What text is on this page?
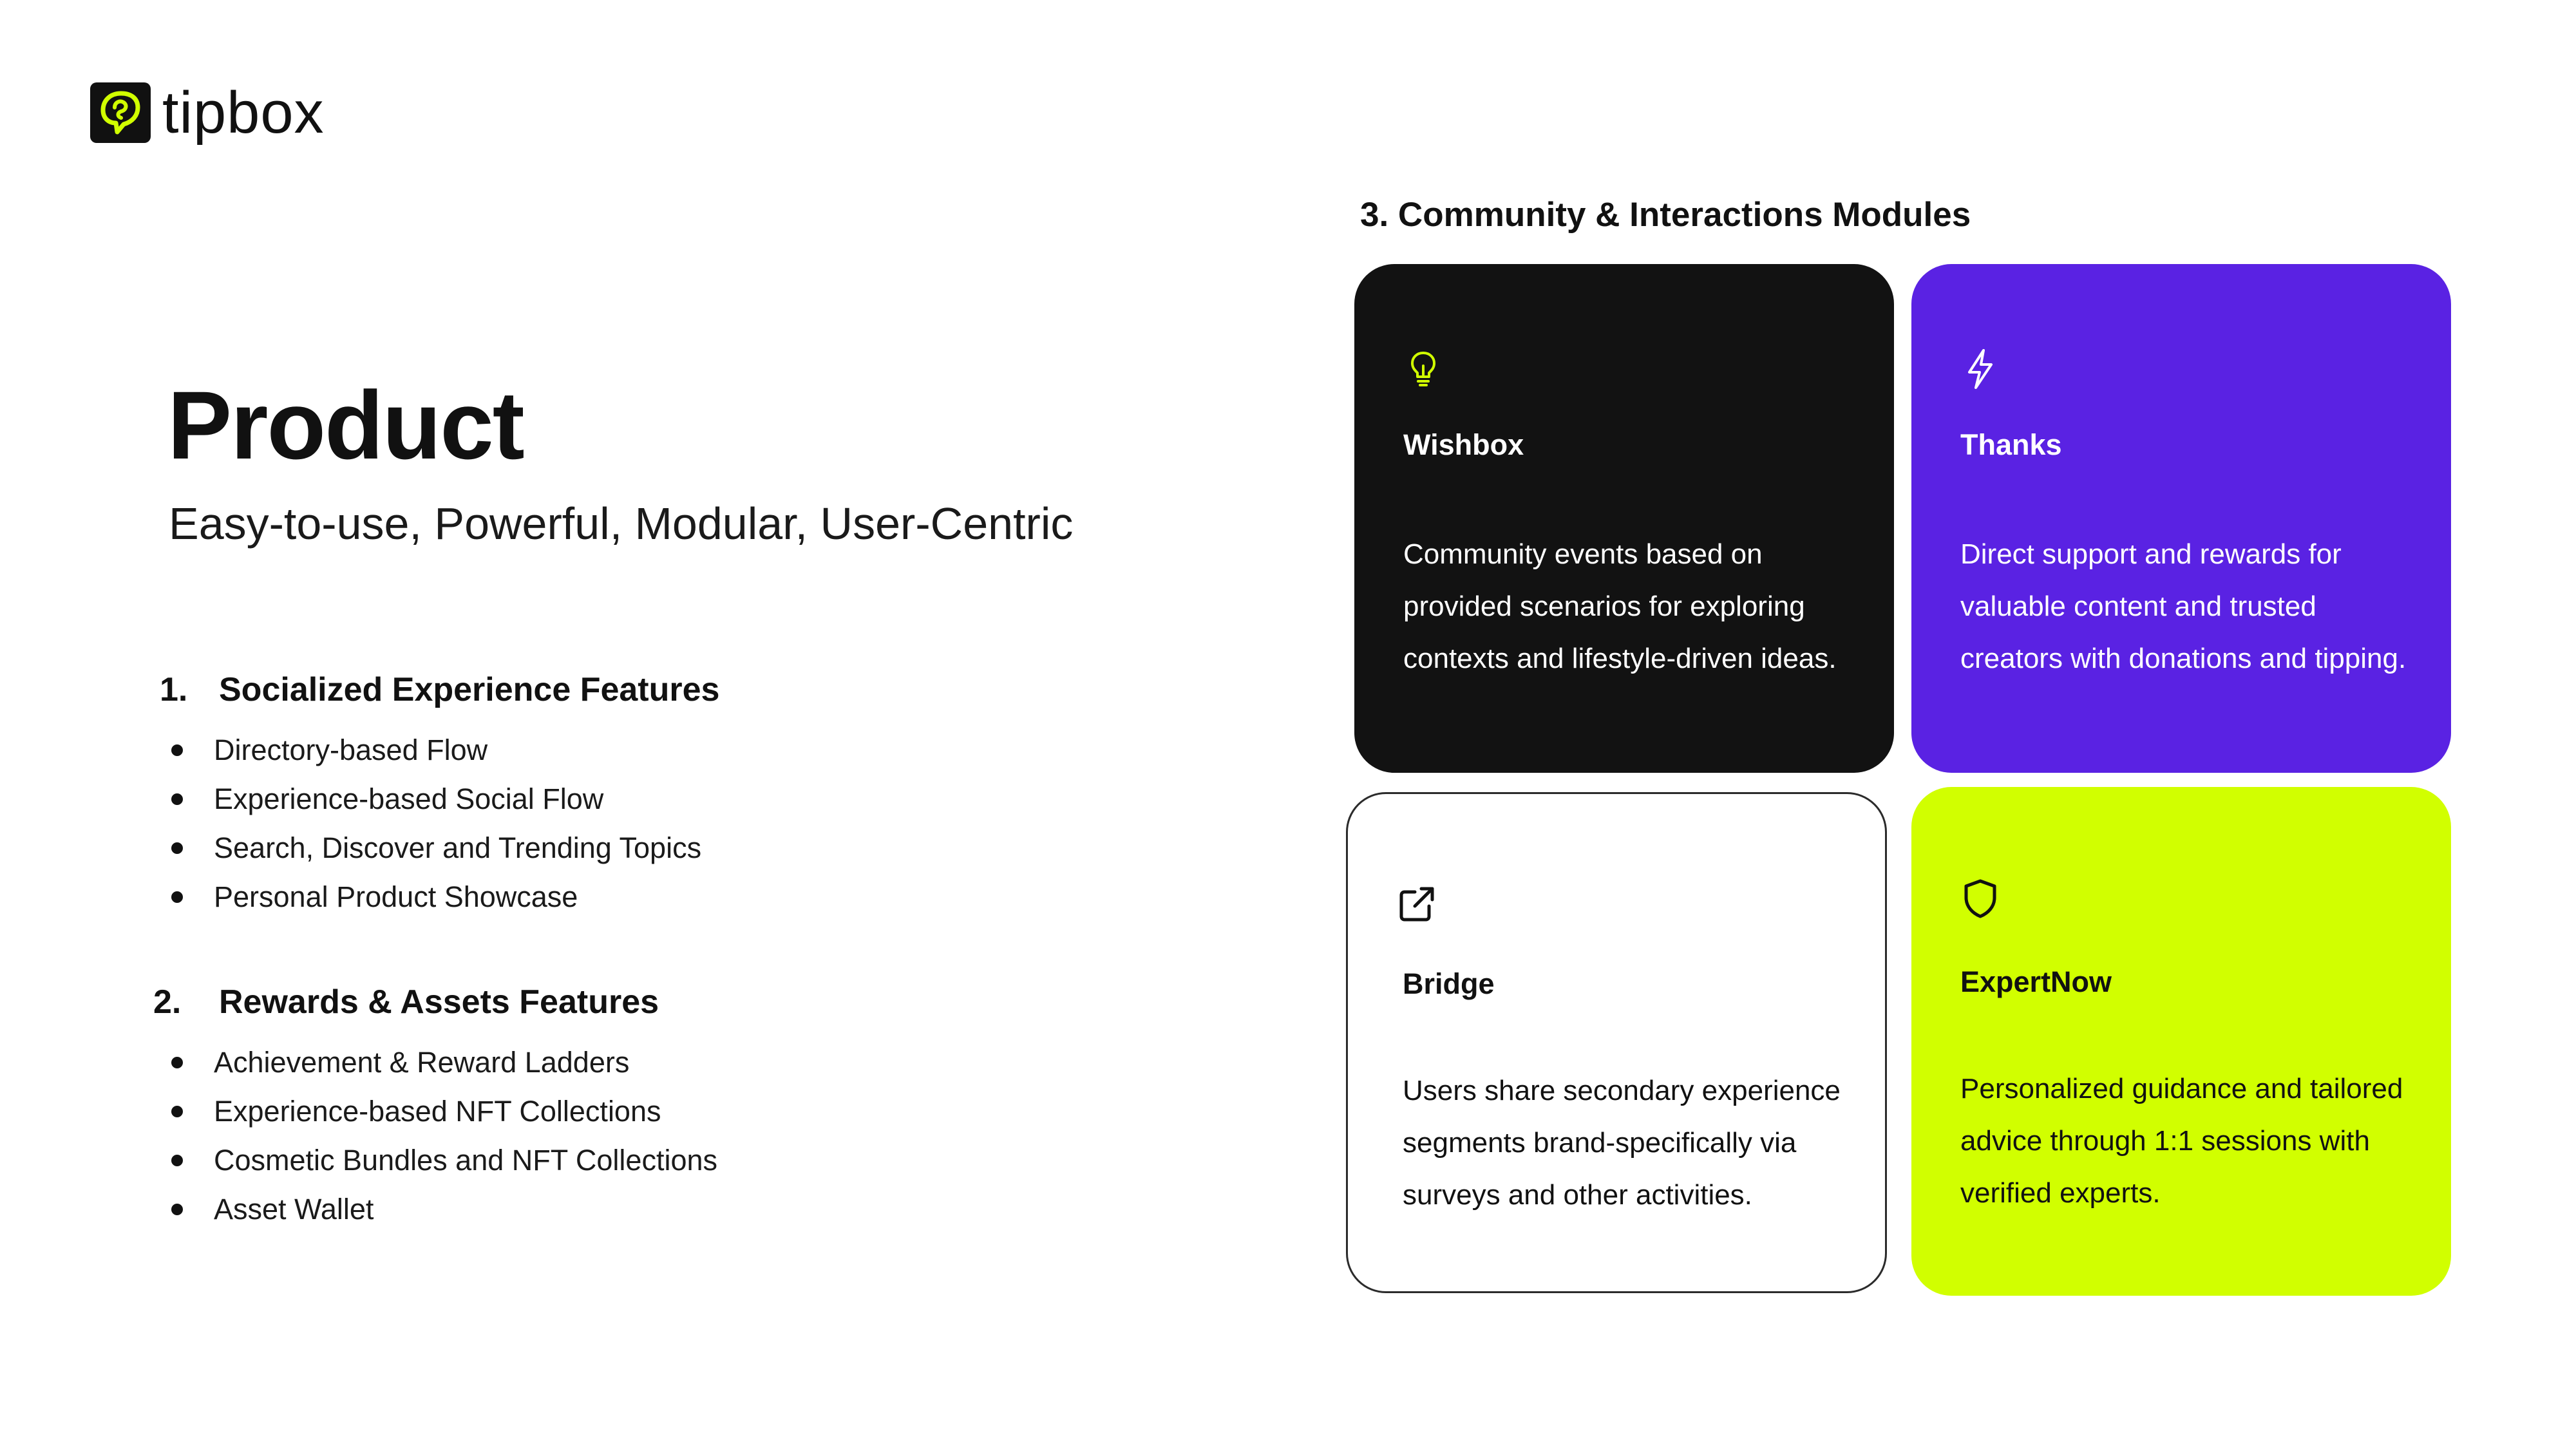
tipbox
Product

Easy-to-use, Powerful, Modular, User-Centric

1. Socialized Experience Features
Directory-based Flow
Experience-based Social Flow
Search, Discover and Trending Topics
Personal Product Showcase
2.	Rewards & Assets Features
Achievement & Reward Ladders
Experience-based NFT Collections
Cosmetic Bundles and NFT Collections
Asset Wallet
3. Community & Interactions Modules
Wishbox
Community events based on provided scenarios for exploring contexts and lifestyle-driven ideas.
Thanks
Direct support and rewards for valuable content and trusted creators with donations and tipping.
Bridge
Users share secondary experience segments brand-specifically via surveys and other activities.
ExpertNow
Personalized guidance and tailored advice through 1:1 sessions with verified experts.
